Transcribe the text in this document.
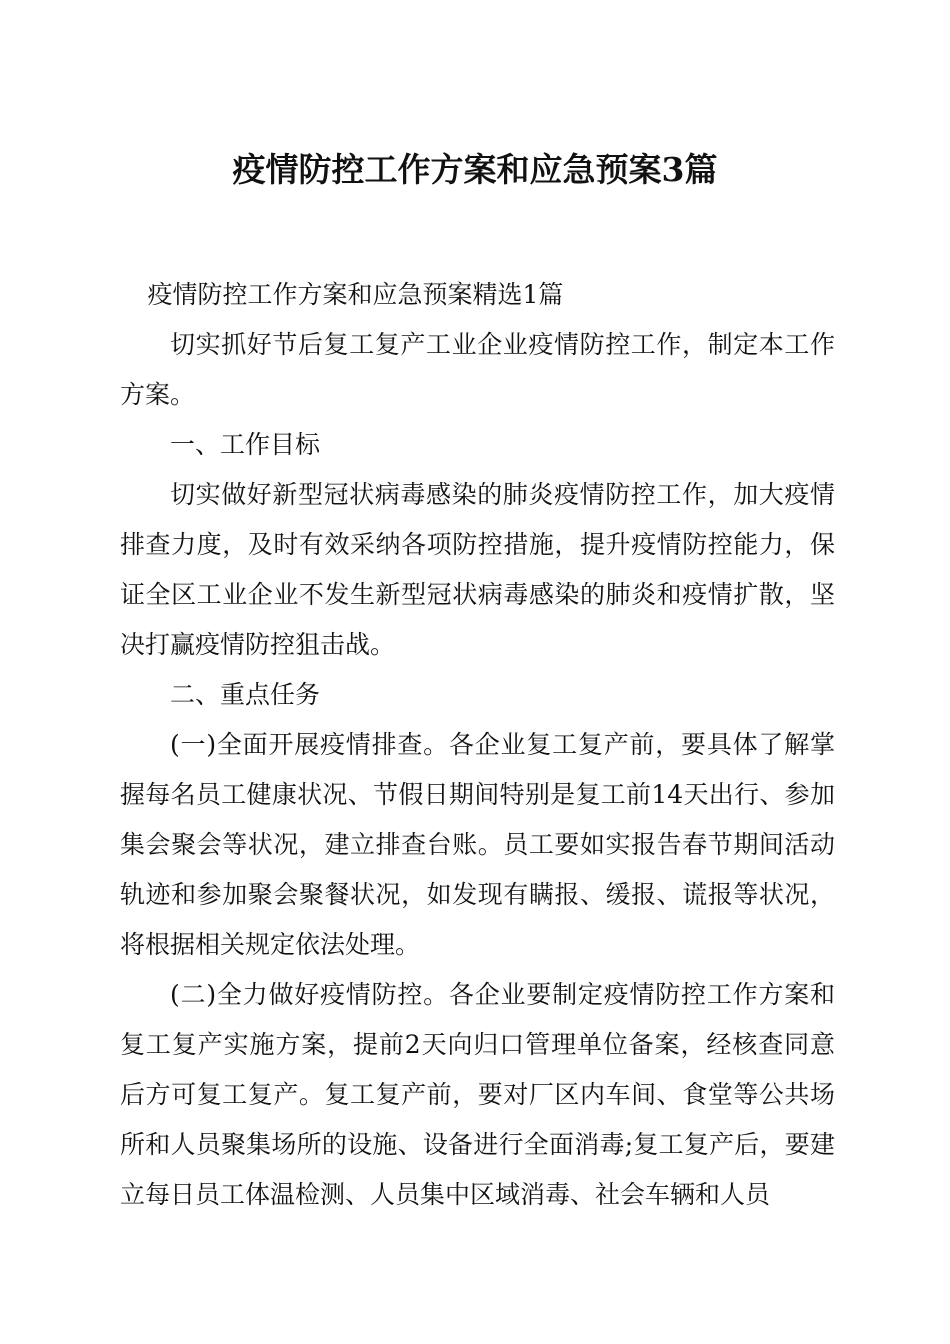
疫情防控工作方案和应急预案3篇

疫情防控工作方案和应急预案精选1篇

切实抓好节后复工复产工业企业疫情防控工作，制定本工作方案。

一、工作目标

切实做好新型冠状病毒感染的肺炎疫情防控工作，加大疫情排查力度，及时有效采纳各项防控措施，提升疫情防控能力，保证全区工业企业不发生新型冠状病毒感染的肺炎和疫情扩散，坚决打赢疫情防控狙击战。

二、重点任务

(一)全面开展疫情排查。各企业复工复产前，要具体了解掌握每名员工健康状况、节假日期间特别是复工前14天出行、参加集会聚会等状况，建立排查台账。员工要如实报告春节期间活动轨迹和参加聚会聚餐状况，如发现有瞒报、缓报、谎报等状况，将根据相关规定依法处理。

(二)全力做好疫情防控。各企业要制定疫情防控工作方案和复工复产实施方案，提前2天向归口管理单位备案，经核查同意后方可复工复产。复工复产前，要对厂区内车间、食堂等公共场所和人员聚集场所的设施、设备进行全面消毒;复工复产后，要建立每日员工体温检测、人员集中区域消毒、社会车辆和人员
